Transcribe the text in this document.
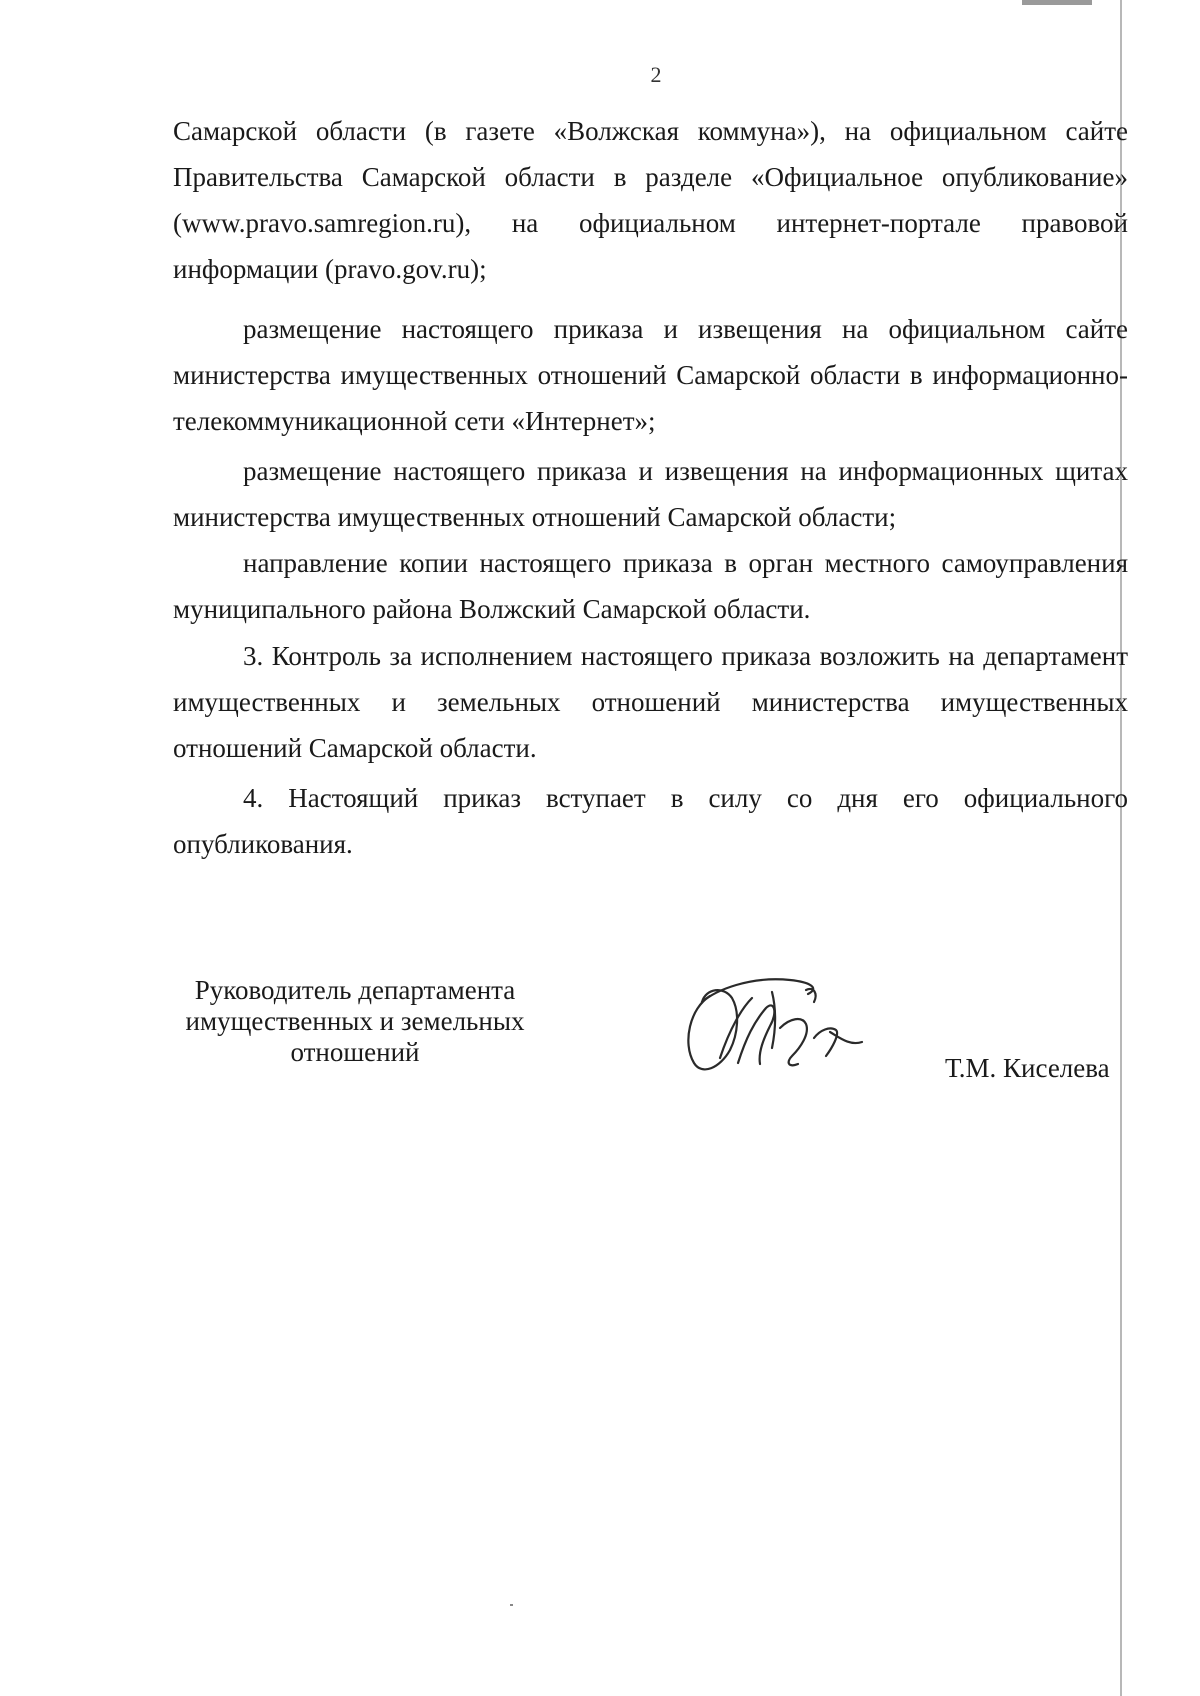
2

Самарской области (в газете «Волжская коммуна»), на официальном сайте Правительства Самарской области в разделе «Официальное опубликование» (www.pravo.samregion.ru), на официальном интернет-портале правовой информации (pravo.gov.ru);

размещение настоящего приказа и извещения на официальном сайте министерства имущественных отношений Самарской области в информационно-телекоммуникационной сети «Интернет»;

размещение настоящего приказа и извещения на информационных щитах министерства имущественных отношений Самарской области;

направление копии настоящего приказа в орган местного самоуправления муниципального района Волжский Самарской области.

3. Контроль за исполнением настоящего приказа возложить на департамент имущественных и земельных отношений министерства имущественных отношений Самарской области.

4. Настоящий приказ вступает в силу со дня его официального опубликования.

Руководитель департамента
имущественных и земельных
отношений
Т.М. Киселева
